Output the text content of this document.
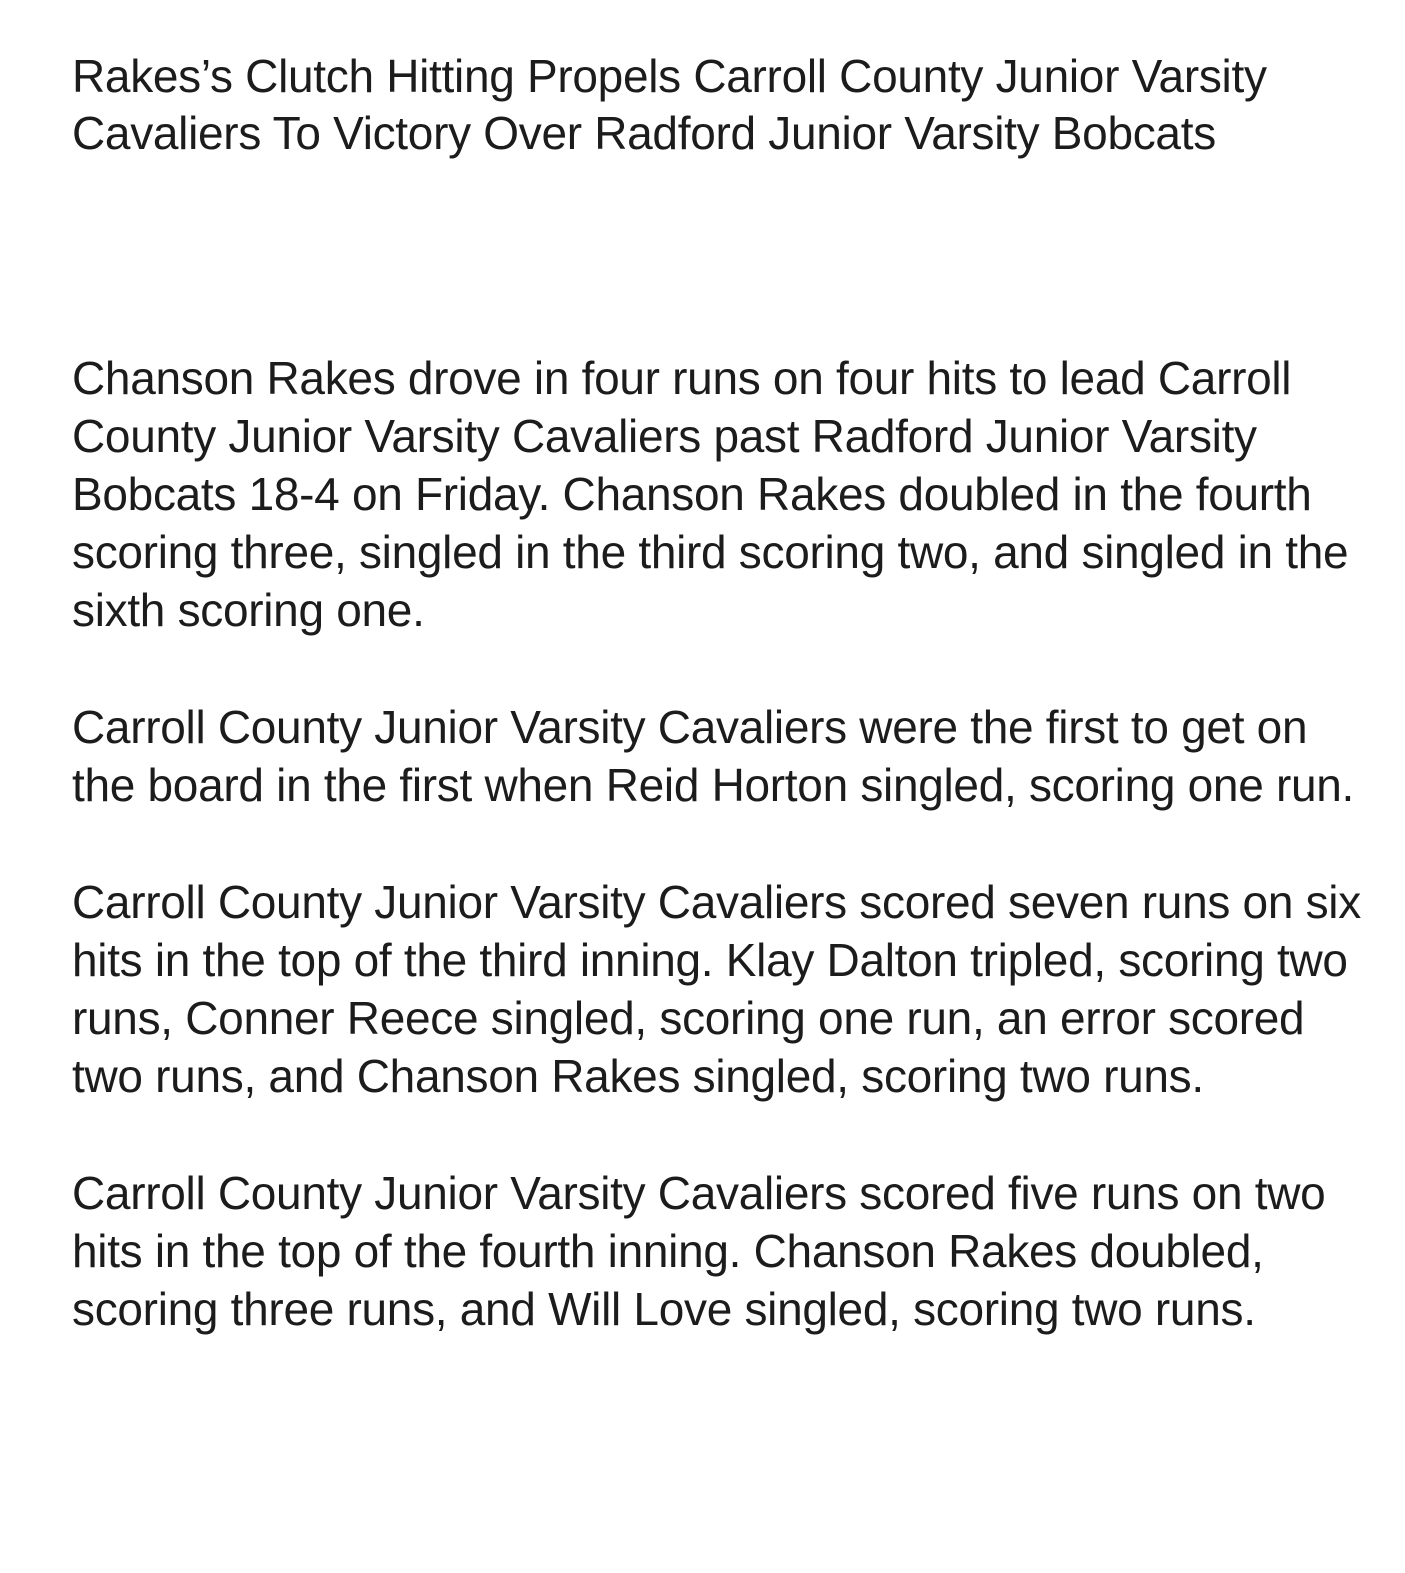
Rakes’s Clutch Hitting Propels Carroll County Junior Varsity Cavaliers To Victory Over Radford Junior Varsity Bobcats

Chanson Rakes drove in four runs on four hits to lead Carroll County Junior Varsity Cavaliers past Radford Junior Varsity Bobcats 18-4 on Friday. Chanson Rakes doubled in the fourth scoring three, singled in the third scoring two, and singled in the sixth scoring one.

Carroll County Junior Varsity Cavaliers were the first to get on the board in the first when Reid Horton singled, scoring one run.

Carroll County Junior Varsity Cavaliers scored seven runs on six hits in the top of the third inning. Klay Dalton tripled, scoring two runs, Conner Reece singled, scoring one run, an error scored two runs, and Chanson Rakes singled, scoring two runs.

Carroll County Junior Varsity Cavaliers scored five runs on two hits in the top of the fourth inning. Chanson Rakes doubled, scoring three runs, and Will Love singled, scoring two runs.
